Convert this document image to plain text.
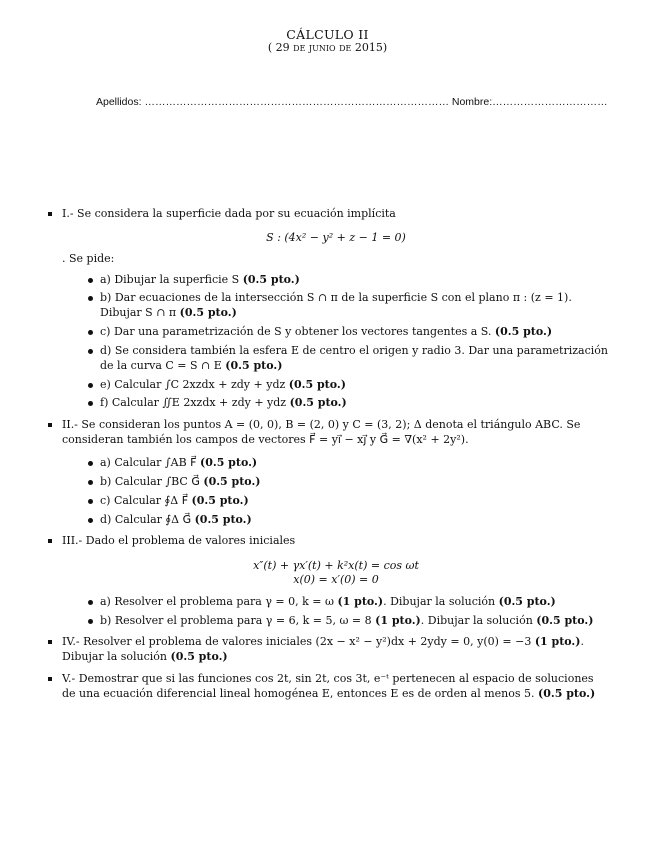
CÁLCULO II
( 29 de junio de 2015)
Apellidos: …………………………………………………………………………… Nombre:……………………………
I.- Se considera la superficie dada por su ecuación implícita
S : (4x² − y² + z − 1 = 0)
. Se pide:
a) Dibujar la superficie S (0.5 pto.)
b) Dar ecuaciones de la intersección S ∩ π de la superficie S con el plano π : (z = 1). Dibujar S ∩ π (0.5 pto.)
c) Dar una parametrización de S y obtener los vectores tangentes a S. (0.5 pto.)
d) Se considera también la esfera E de centro el origen y radio 3. Dar una parametrización de la curva C = S ∩ E (0.5 pto.)
e) Calcular ∫C 2xzdx + zdy + ydz (0.5 pto.)
f) Calcular ∬E 2xzdx + zdy + ydz (0.5 pto.)
II.- Se consideran los puntos A = (0, 0), B = (2, 0) y C = (3, 2); Δ denota el triángulo ABC. Se consideran también los campos de vectores F⃗ = yi⃗ − xj⃗ y G⃗ = ∇(x² + 2y²).
a) Calcular ∫AB F⃗ (0.5 pto.)
b) Calcular ∫BC G⃗ (0.5 pto.)
c) Calcular ∮Δ F⃗ (0.5 pto.)
d) Calcular ∮Δ G⃗ (0.5 pto.)
III.- Dado el problema de valores iniciales
x″(t) + γx′(t) + k²x(t) = cos ωt
x(0) = x′(0) = 0
a) Resolver el problema para γ = 0, k = ω (1 pto.). Dibujar la solución (0.5 pto.)
b) Resolver el problema para γ = 6, k = 5, ω = 8 (1 pto.). Dibujar la solución (0.5 pto.)
IV.- Resolver el problema de valores iniciales (2x − x² − y²)dx + 2ydy = 0, y(0) = −3 (1 pto.). Dibujar la solución (0.5 pto.)
V.- Demostrar que si las funciones cos 2t, sin 2t, cos 3t, e⁻ᵗ pertenecen al espacio de soluciones de una ecuación diferencial lineal homogénea E, entonces E es de orden al menos 5. (0.5 pto.)
